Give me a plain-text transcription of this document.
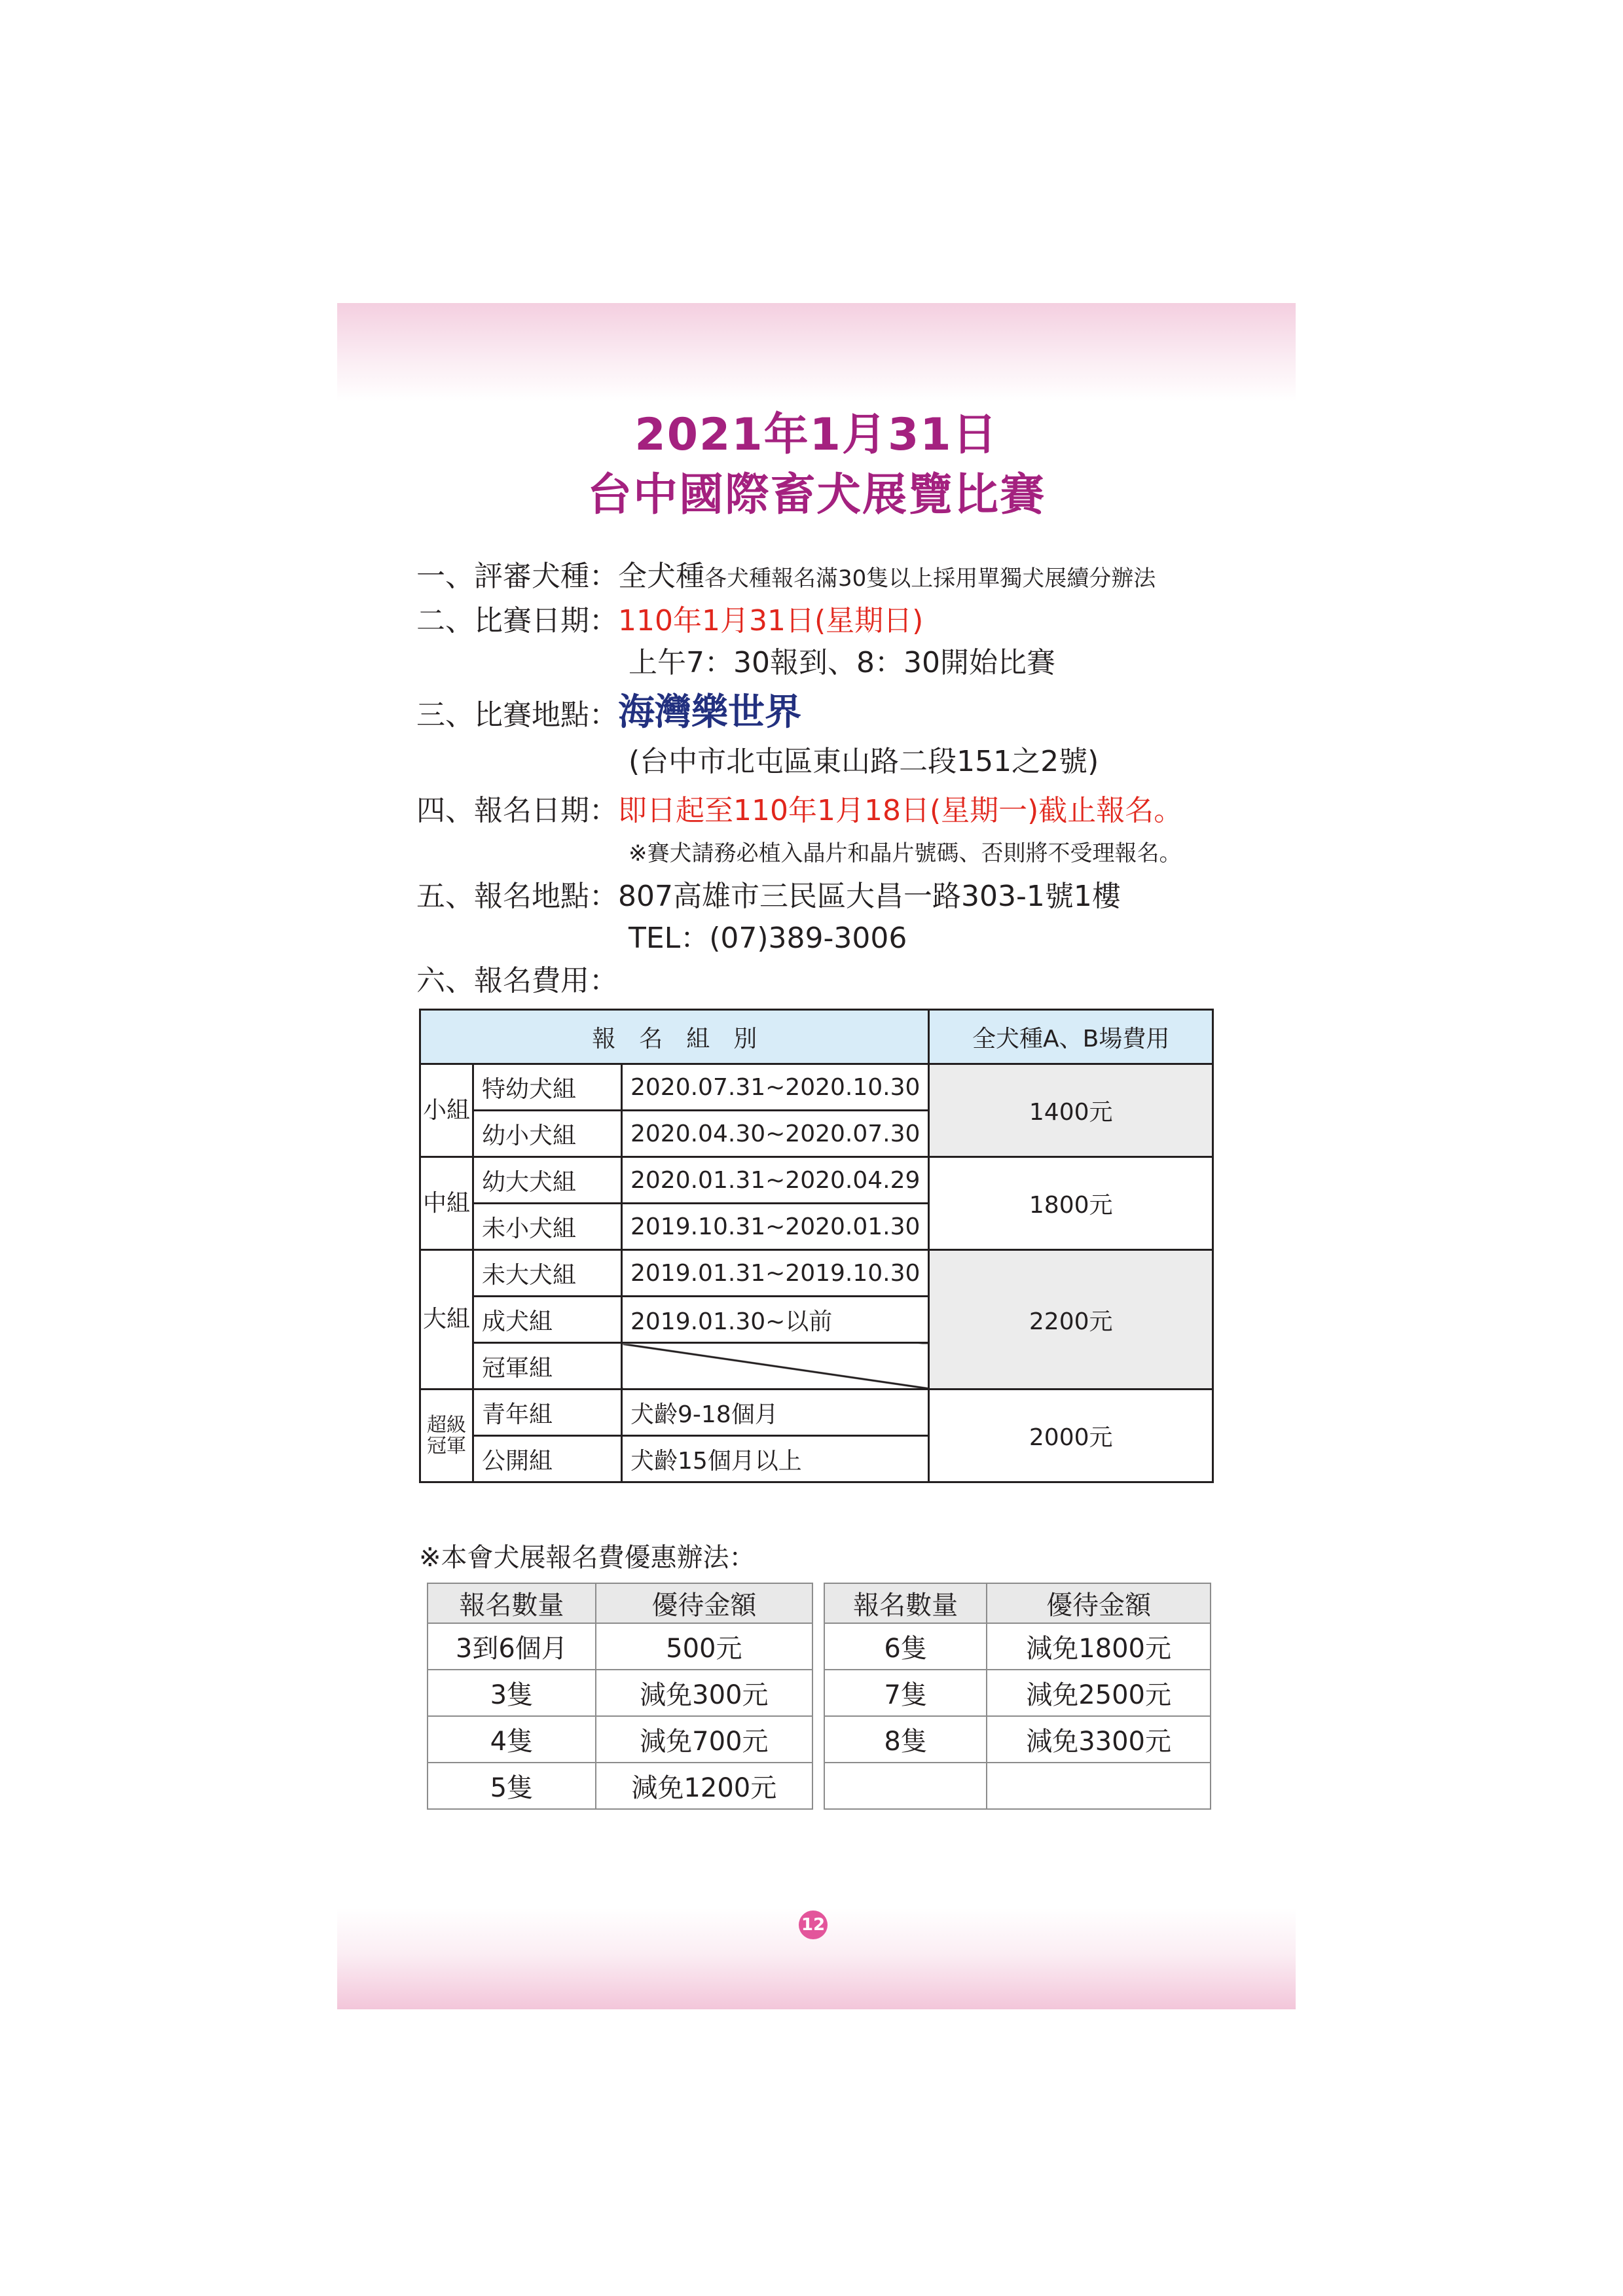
2021年1月31日
台中國際畜犬展覽比賽
一、評審犬種：全犬種各犬種報名滿30隻以上採用單獨犬展續分辦法
二、比賽日期：110年1月31日(星期日)
上午7：30報到、8：30開始比賽
三、比賽地點：海灣樂世界
(台中市北屯區東山路二段151之2號)
四、報名日期：即日起至110年1月18日(星期一)截止報名。
※賽犬請務必植入晶片和晶片號碼、否則將不受理報名。
五、報名地點：807高雄市三民區大昌一路303-1號1樓
TEL：(07)389-3006
六、報名費用：
報　名　組　別			全犬種A、B場費用
小組	特幼犬組	2020.07.31~2020.10.30	1400元
	幼小犬組	2020.04.30~2020.07.30	
中組	幼大犬組	2020.01.31~2020.04.29	1800元
	未小犬組	2019.10.31~2020.01.30	
大組	未大犬組	2019.01.31~2019.10.30	2200元
	成犬組	2019.01.30~以前	
	冠軍組		
超級冠軍	青年組	犬齡9-18個月	2000元
	公開組	犬齡15個月以上	
※本會犬展報名費優惠辦法：
報名數量	優待金額
3到6個月	500元
3隻	減免300元
4隻	減免700元
5隻	減免1200元
報名數量	優待金額
6隻	減免1800元
7隻	減免2500元
8隻	減免3300元

12
